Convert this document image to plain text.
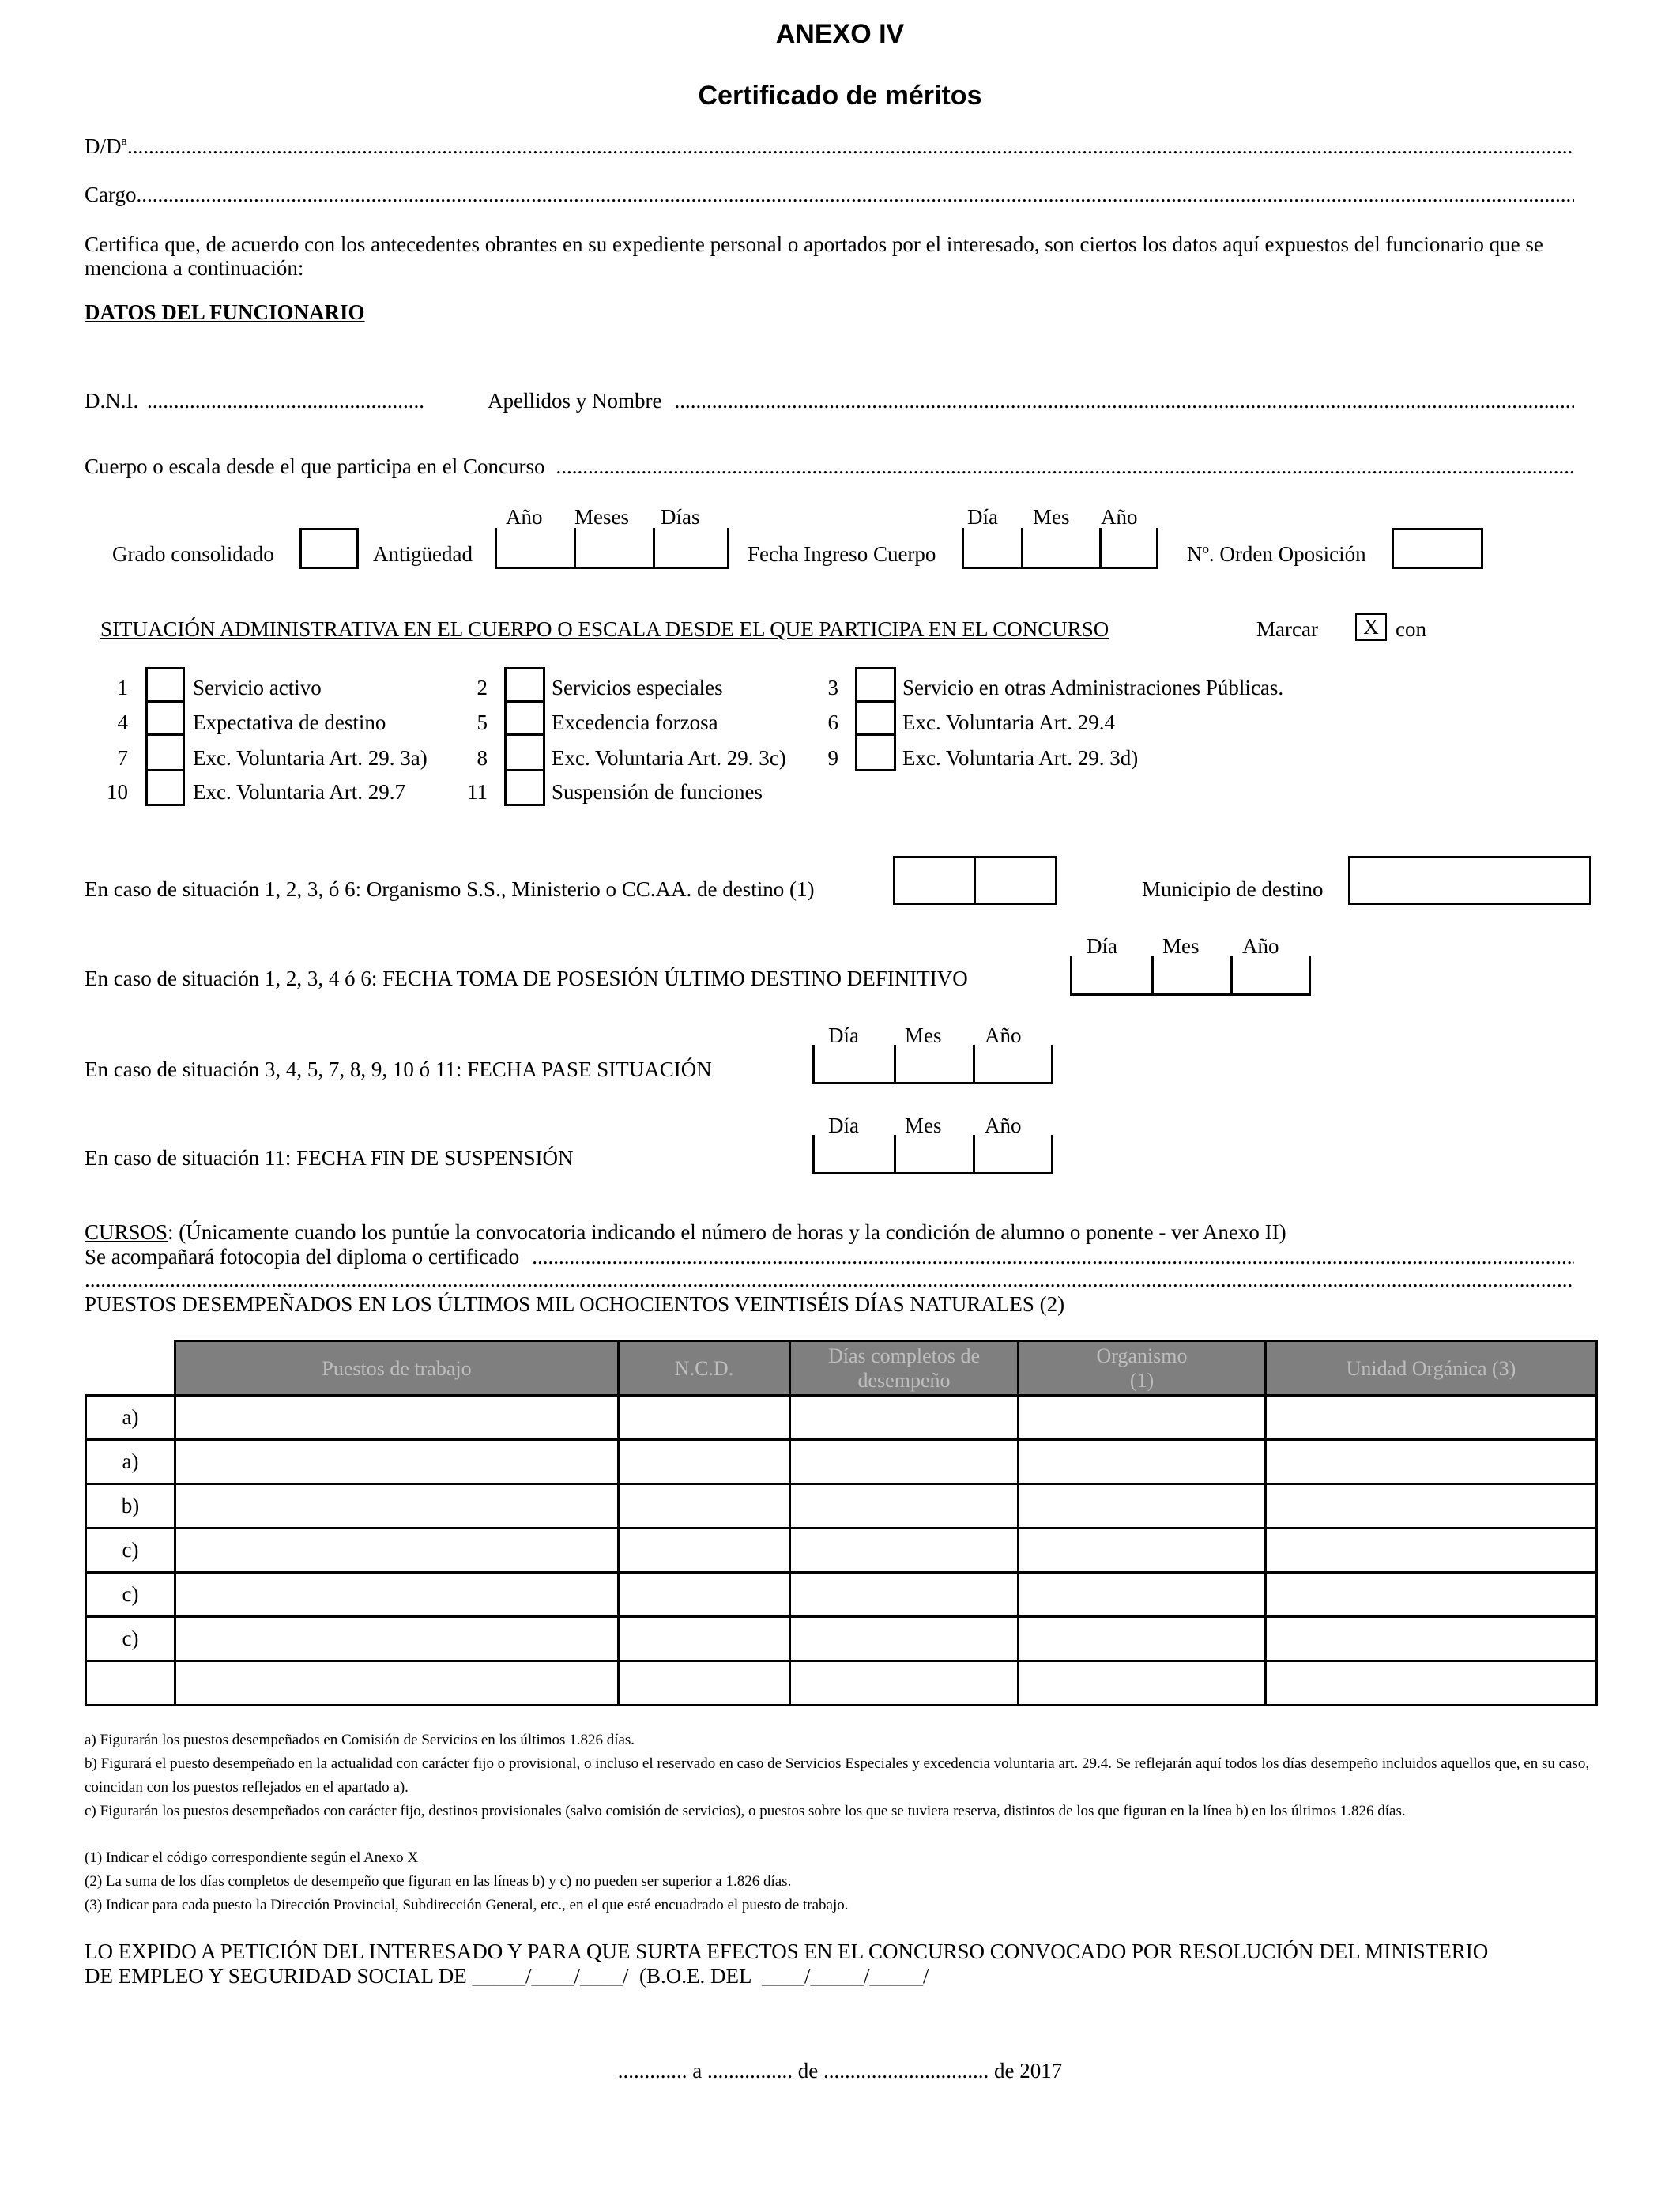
ANEXO IV
Certificado de méritos
D/Dª
.....
Cargo
.....
Certifica que, de acuerdo con los antecedentes obrantes en su expediente personal o aportados por el interesado, son ciertos los datos aquí expuestos del funcionario que se menciona a continuación:
DATOS DEL FUNCIONARIO
D.N.I. ....................................................	Apellidos y Nombre
.....
Cuerpo o escala desde el que participa en el Concurso
.....
Año Meses Días	Día Mes Año
Grado consolidado	Antigüedad	Fecha Ingreso Cuerpo	Nº. Orden Oposición
SITUACIÓN ADMINISTRATIVA EN EL CUERPO O ESCALA DESDE EL QUE PARTICIPA EN EL CONCURSO	Marcar	X con
1	Servicio activo	2	Servicios especiales	3	Servicio en otras Administraciones Públicas.
4	Expectativa de destino	5	Excedencia forzosa	6	Exc. Voluntaria Art. 29.4
7	Exc. Voluntaria Art. 29. 3a)	8	Exc. Voluntaria Art. 29. 3c)	9	Exc. Voluntaria Art. 29. 3d)
10	Exc. Voluntaria Art. 29.7	11	Suspensión de funciones
En caso de situación 1, 2, 3, ó 6: Organismo S.S., Ministerio o CC.AA. de destino (1)	Municipio de destino
Día Mes Año
En caso de situación 1, 2, 3, 4 ó 6: FECHA TOMA DE POSESIÓN ÚLTIMO DESTINO DEFINITIVO
Día Mes Año
En caso de situación 3, 4, 5, 7, 8, 9, 10 ó 11: FECHA PASE SITUACIÓN
Día Mes Año
En caso de situación 11: FECHA FIN DE SUSPENSIÓN
CURSOS: (Únicamente cuando los puntúe la convocatoria indicando el número de horas y la condición de alumno o ponente - ver Anexo II)
Se acompañará fotocopia del diploma o certificado
.....
.....
PUESTOS DESEMPEÑADOS EN LOS ÚLTIMOS MIL OCHOCIENTOS VEINTISÉIS DÍAS NATURALES (2)
	Puestos de trabajo	N.C.D.	Días completos de desempeño	Organismo (1)	Unidad Orgánica (3)
a)					
a)					
b)					
c)					
c)					
c)					

a) Figurarán los puestos desempeñados en Comisión de Servicios en los últimos 1.826 días.
b) Figurará el puesto desempeñado en la actualidad con carácter fijo o provisional, o incluso el reservado en caso de Servicios Especiales y excedencia voluntaria art. 29.4. Se reflejarán aquí todos los días desempeño incluidos aquellos que, en su caso, coincidan con los puestos reflejados en el apartado a).
c) Figurarán los puestos desempeñados con carácter fijo, destinos provisionales (salvo comisión de servicios), o puestos sobre los que se tuviera reserva, distintos de los que figuran en la línea b) en los últimos 1.826 días.
(1) Indicar el código correspondiente según el Anexo X
(2) La suma de los días completos de desempeño que figuran en las líneas b) y c) no pueden ser superior a 1.826 días.
(3) Indicar para cada puesto la Dirección Provincial, Subdirección General, etc., en el que esté encuadrado el puesto de trabajo.
LO EXPIDO A PETICIÓN DEL INTERESADO Y PARA QUE SURTA EFECTOS EN EL CONCURSO CONVOCADO POR RESOLUCIÓN DEL MINISTERIO
DE EMPLEO Y SEGURIDAD SOCIAL DE _____/____/____/  (B.O.E. DEL  ____/_____/_____/
............. a ................ de ............................... de 2017
